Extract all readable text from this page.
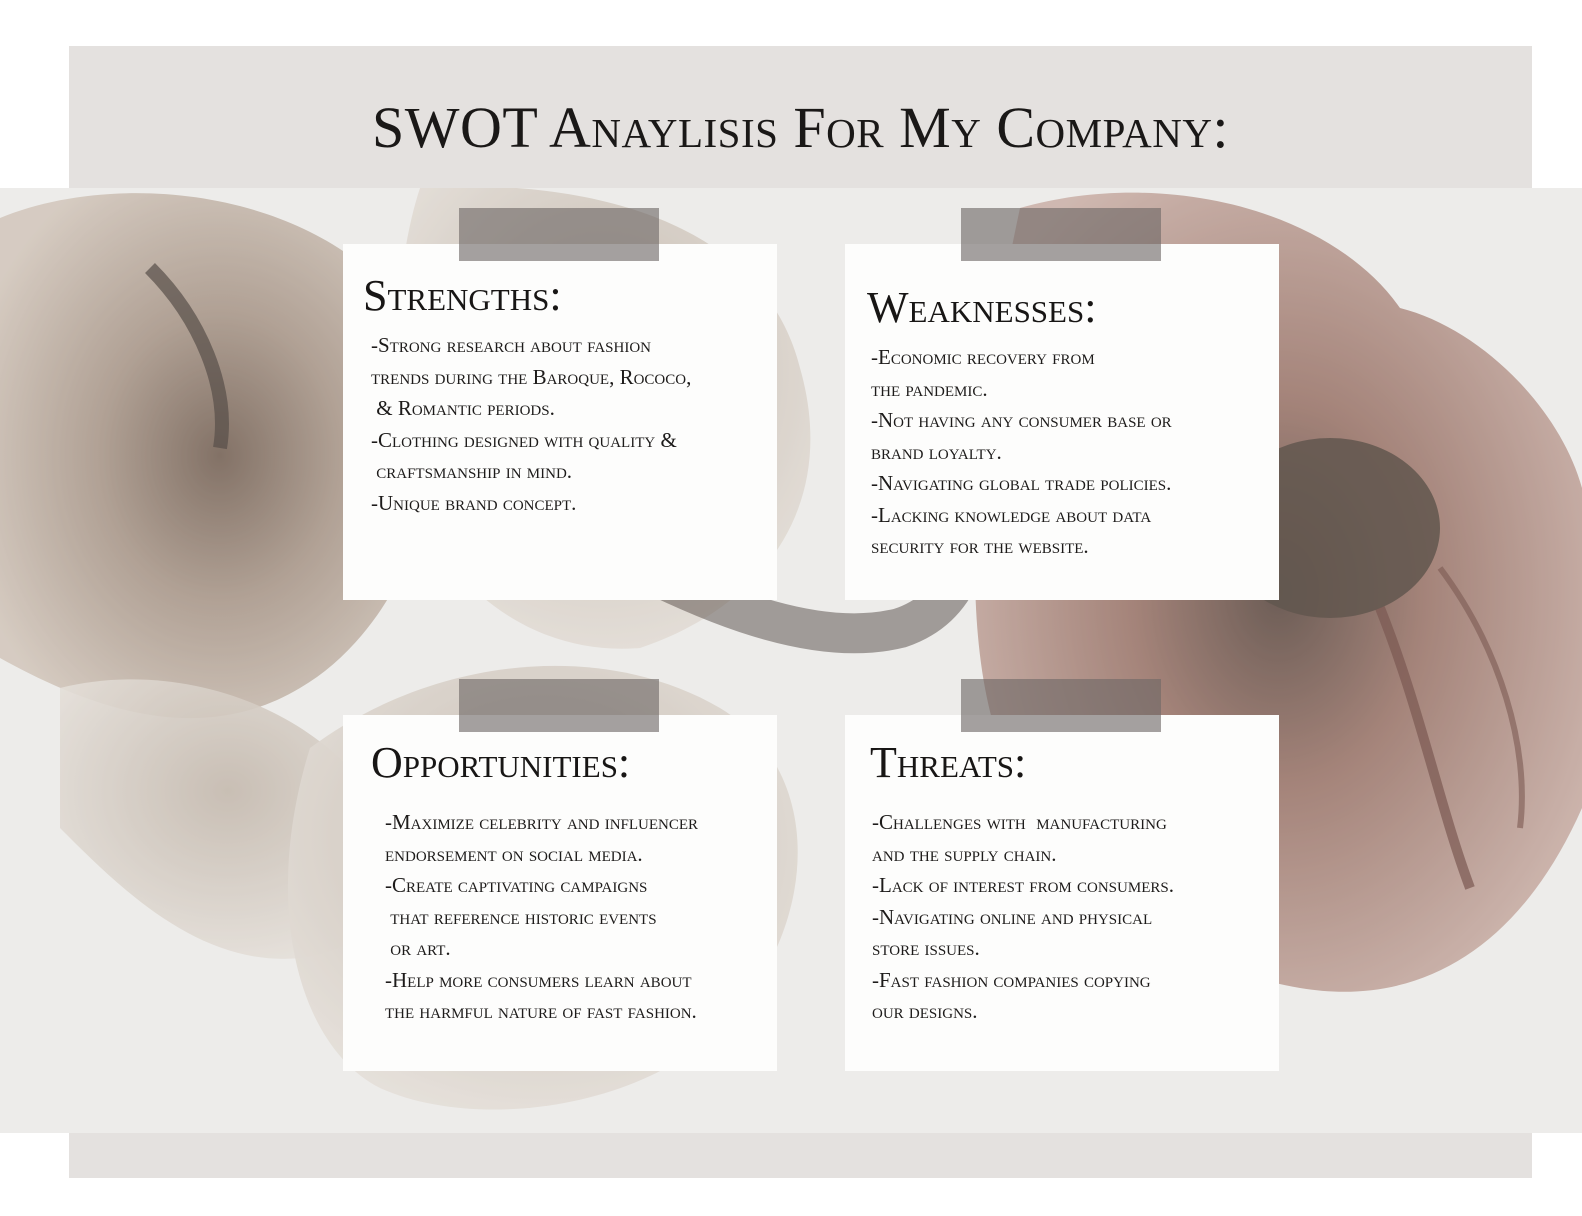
SWOT Anaylisis For My Company:
Strengths:
-Strong research about fashion
trends during the Baroque, Rococo,
& Romantic periods.
-Clothing designed with quality &
craftsmanship in mind.
-Unique brand concept.
Weaknesses:
-Economic recovery from
the pandemic.
-Not having any consumer base or
brand loyalty.
-Navigating global trade policies.
-Lacking knowledge about data
security for the website.
Opportunities:
-Maximize celebrity and influencer
endorsement on social media.
-Create captivating campaigns
that reference historic events
or art.
-Help more consumers learn about
the harmful nature of fast fashion.
Threats:
-Challenges with  manufacturing
and the supply chain.
-Lack of interest from consumers.
-Navigating online and physical
store issues.
-Fast fashion companies copying
our designs.
